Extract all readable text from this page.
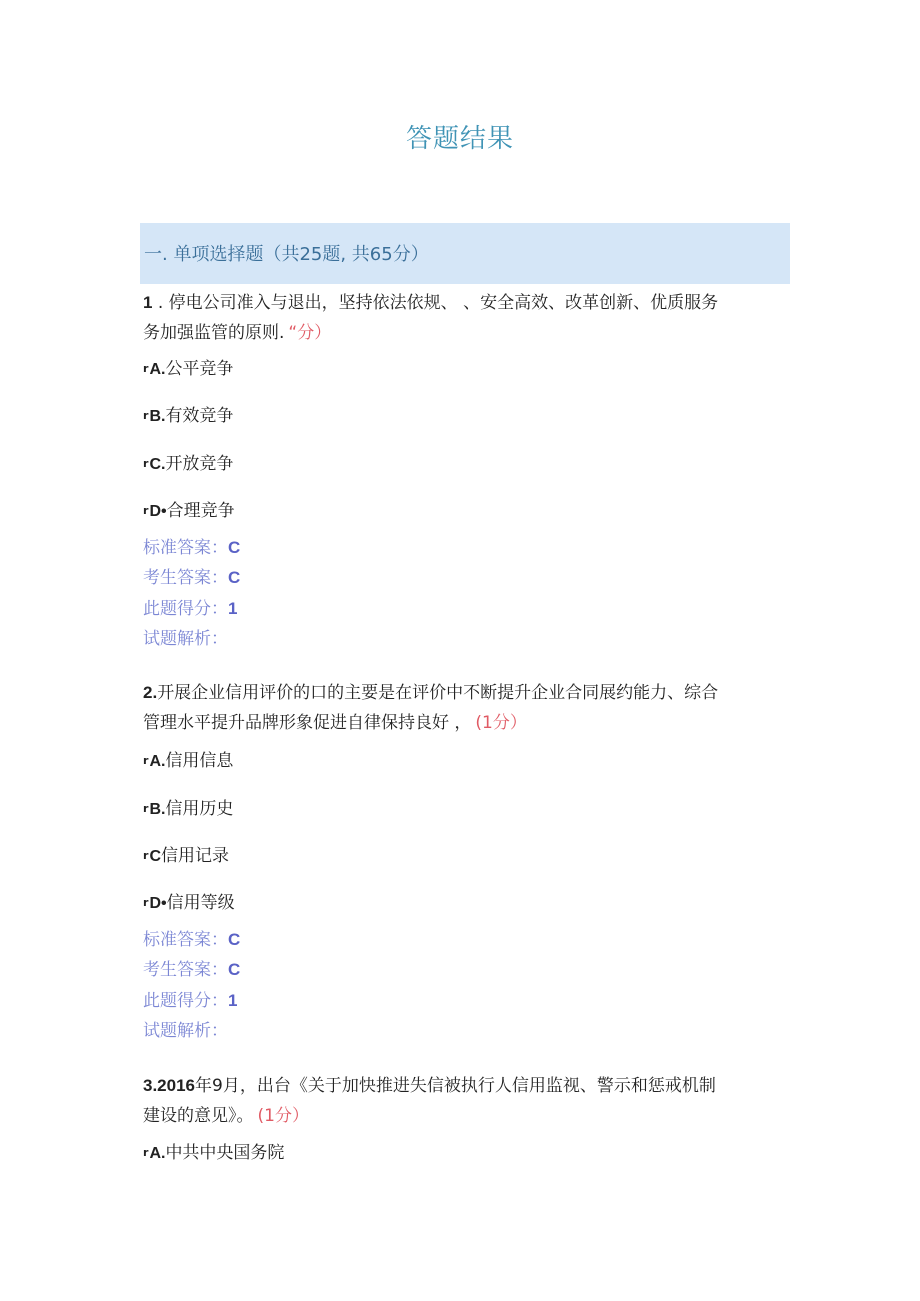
答题结果
一. 单项选择题（共25题, 共65分）
1 . 停电公司准入与退出，坚持依法依规、 、安全高效、改革创新、优质服务
务加强监管的原则. “分）
$^r$A.公平竞争
$^r$B.有效竞争
$^r$C.开放竞争
$^r$D•合理竞争
标准答案：C
考生答案：C
此题得分：1
试题解析：
2.开展企业信用评价的口的主要是在评价中不断提升企业合同展约能力、综合
管理水平提升品牌形象促进自律保持良好 ， (1分）
$^r$A.信用信息
$^r$B.信用历史
$^r$C信用记录
$^r$D•信用等级
标准答案：C
考生答案：C
此题得分：1
试题解析：
3.2016年9月，出台《关于加快推进失信被执行人信用监视、警示和惩戒机制
建设的意见》。 (1分）
$^r$A.中共中央国务院
